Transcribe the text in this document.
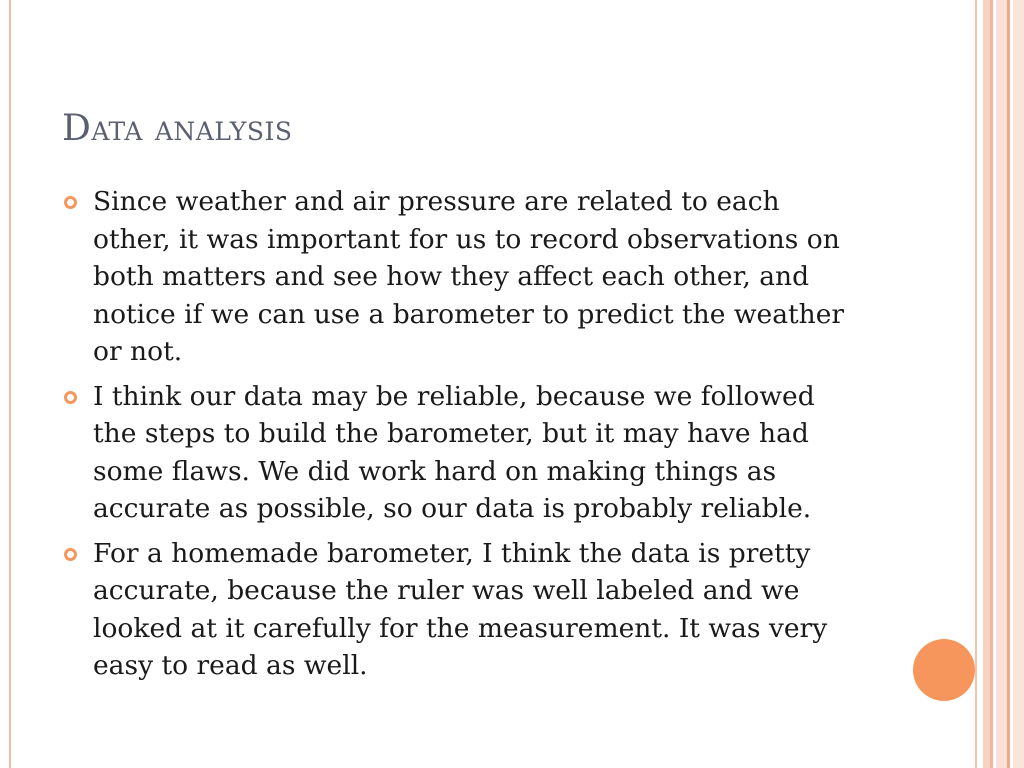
Data analysis
Since weather and air pressure are related to each other, it was important for us to record observations on both matters and see how they affect each other, and notice if we can use a barometer to predict the weather or not.
I think our data may be reliable, because we followed the steps to build the barometer, but it may have had some flaws. We did work hard on making things as accurate as possible, so our data is probably reliable.
For a homemade barometer, I think the data is pretty accurate, because the ruler was well labeled and we looked at it carefully for the measurement. It was very easy to read as well.
